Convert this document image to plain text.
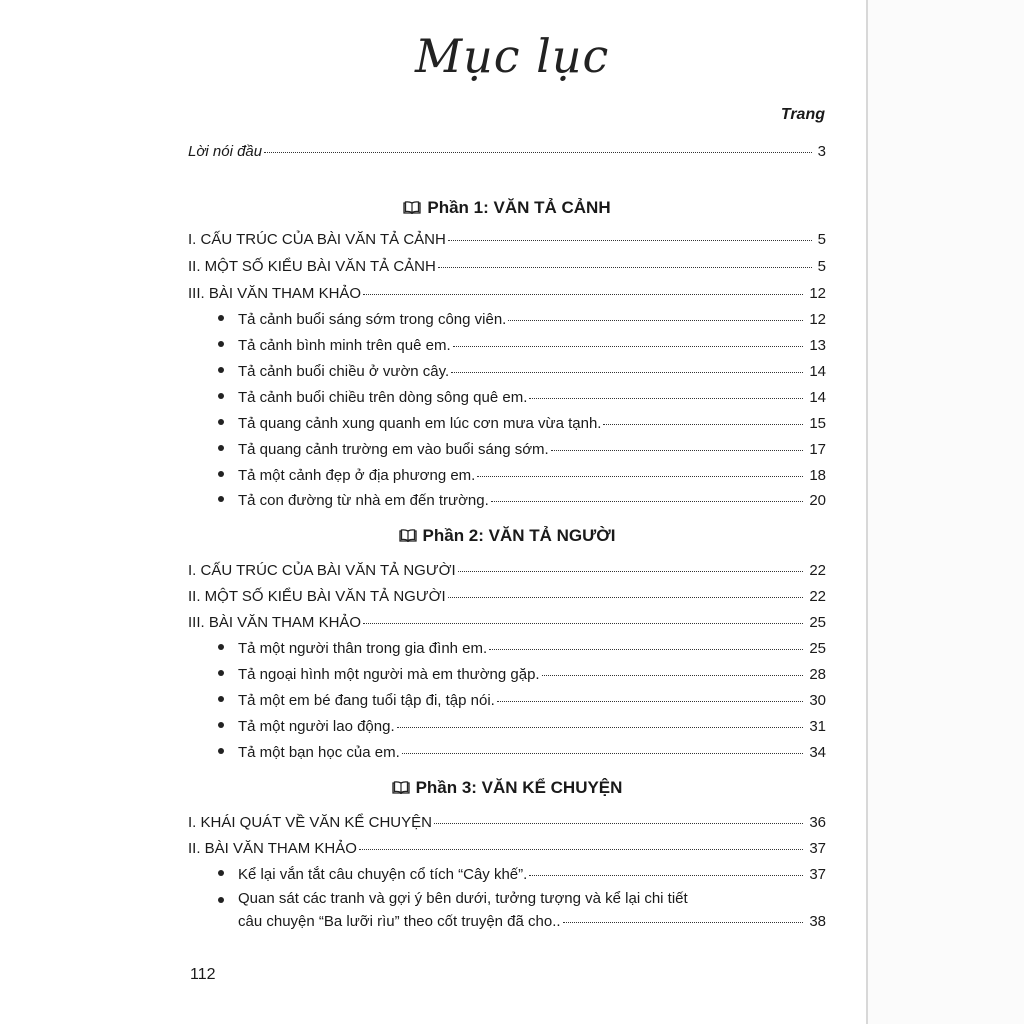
Mục lục
Trang
Lời nói đầu	3
Phần 1: VĂN TẢ CẢNH
I. CẤU TRÚC CỦA BÀI VĂN TẢ CẢNH	5
II. MỘT SỐ KIỂU BÀI VĂN TẢ CẢNH	5
III. BÀI VĂN THAM KHẢO	12
Tả cảnh buổi sáng sớm trong công viên.	12
Tả cảnh bình minh trên quê em.	13
Tả cảnh buổi chiều ở vườn cây.	14
Tả cảnh buổi chiều trên dòng sông quê em.	14
Tả quang cảnh xung quanh em lúc cơn mưa vừa tạnh.	15
Tả quang cảnh trường em vào buổi sáng sớm.	17
Tả một cảnh đẹp ở địa phương em.	18
Tả con đường từ nhà em đến trường.	20
Phần 2: VĂN TẢ NGƯỜI
I. CẤU TRÚC CỦA BÀI VĂN TẢ NGƯỜI	22
II. MỘT SỐ KIỂU BÀI VĂN TẢ NGƯỜI	22
III. BÀI VĂN THAM KHẢO	25
Tả một người thân trong gia đình em.	25
Tả ngoại hình một người mà em thường gặp.	28
Tả một em bé đang tuổi tập đi, tập nói.	30
Tả một người lao động.	31
Tả một bạn học của em.	34
Phần 3: VĂN KỂ CHUYỆN
I. KHÁI QUÁT VỀ VĂN KỂ CHUYỆN	36
II. BÀI VĂN THAM KHẢO	37
Kể lại vắn tắt câu chuyện cổ tích “Cây khế”.	37
Quan sát các tranh và gợi ý bên dưới, tưởng tượng và kể lại chi tiết
câu chuyện “Ba lưỡi rìu” theo cốt truyện đã cho..	38
112
